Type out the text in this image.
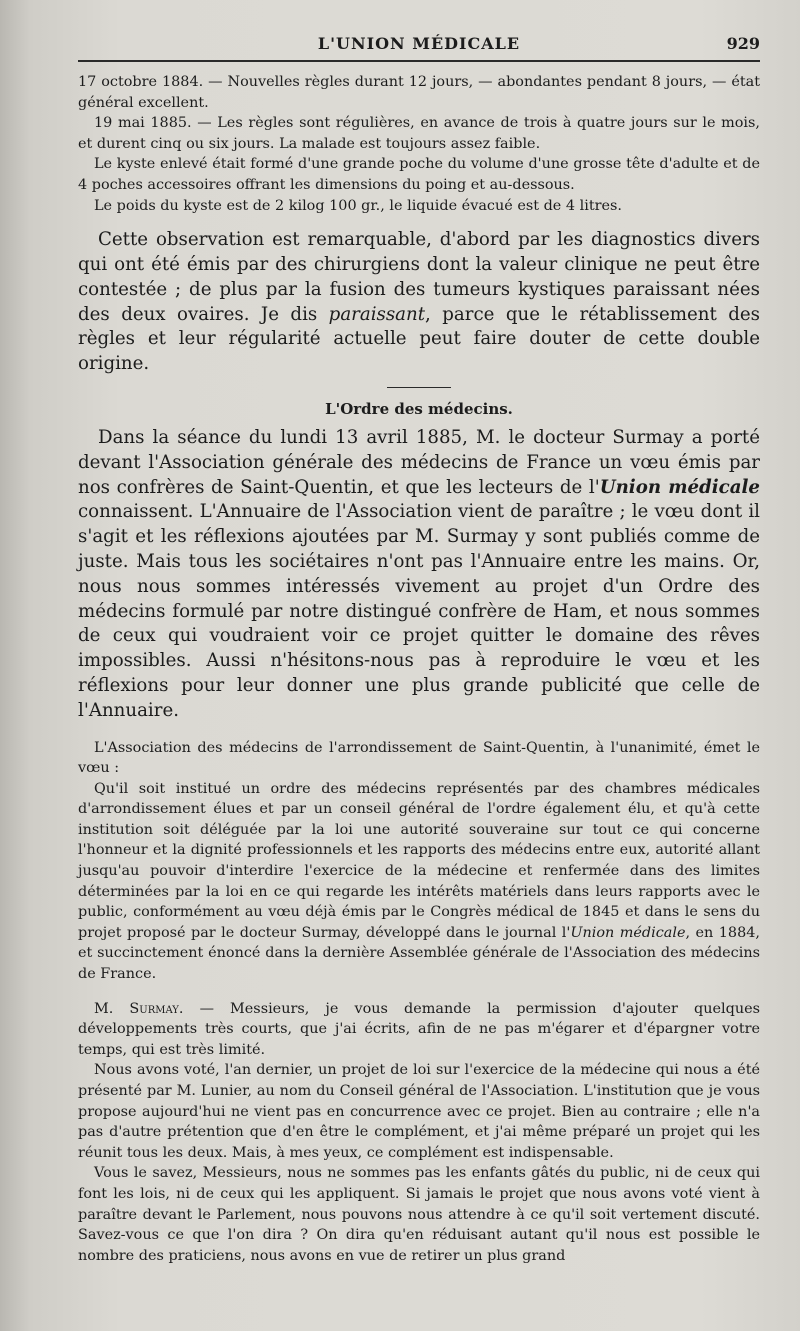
L'UNION MÉDICALE	929

17 octobre 1884. — Nouvelles règles durant 12 jours, — abondantes pendant 8 jours, — état général excellent.

19 mai 1885. — Les règles sont régulières, en avance de trois à quatre jours sur le mois, et durent cinq ou six jours. La malade est toujours assez faible.

Le kyste enlevé était formé d'une grande poche du volume d'une grosse tête d'adulte et de 4 poches accessoires offrant les dimensions du poing et au-dessous.

Le poids du kyste est de 2 kilog 100 gr., le liquide évacué est de 4 litres.

Cette observation est remarquable, d'abord par les diagnostics divers qui ont été émis par des chirurgiens dont la valeur clinique ne peut être contestée ; de plus par la fusion des tumeurs kystiques paraissant nées des deux ovaires. Je dis paraissant, parce que le rétablissement des règles et leur régularité actuelle peut faire douter de cette double origine.

L'Ordre des médecins.

Dans la séance du lundi 13 avril 1885, M. le docteur Surmay a porté devant l'Association générale des médecins de France un vœu émis par nos confrères de Saint-Quentin, et que les lecteurs de l'Union médicale connaissent. L'Annuaire de l'Association vient de paraître ; le vœu dont il s'agit et les réflexions ajoutées par M. Surmay y sont publiés comme de juste. Mais tous les sociétaires n'ont pas l'Annuaire entre les mains. Or, nous nous sommes intéressés vivement au projet d'un Ordre des médecins formulé par notre distingué confrère de Ham, et nous sommes de ceux qui voudraient voir ce projet quitter le domaine des rêves impossibles. Aussi n'hésitons-nous pas à reproduire le vœu et les réflexions pour leur donner une plus grande publicité que celle de l'Annuaire.

L'Association des médecins de l'arrondissement de Saint-Quentin, à l'unanimité, émet le vœu :

Qu'il soit institué un ordre des médecins représentés par des chambres médicales d'arrondissement élues et par un conseil général de l'ordre également élu, et qu'à cette institution soit déléguée par la loi une autorité souveraine sur tout ce qui concerne l'honneur et la dignité professionnels et les rapports des médecins entre eux, autorité allant jusqu'au pouvoir d'interdire l'exercice de la médecine et renfermée dans des limites déterminées par la loi en ce qui regarde les intérêts matériels dans leurs rapports avec le public, conformément au vœu déjà émis par le Congrès médical de 1845 et dans le sens du projet proposé par le docteur Surmay, développé dans le journal l'Union médicale, en 1884, et succinctement énoncé dans la dernière Assemblée générale de l'Association des médecins de France.

M. Surmay. — Messieurs, je vous demande la permission d'ajouter quelques développements très courts, que j'ai écrits, afin de ne pas m'égarer et d'épargner votre temps, qui est très limité.

Nous avons voté, l'an dernier, un projet de loi sur l'exercice de la médecine qui nous a été présenté par M. Lunier, au nom du Conseil général de l'Association. L'institution que je vous propose aujourd'hui ne vient pas en concurrence avec ce projet. Bien au contraire ; elle n'a pas d'autre prétention que d'en être le complément, et j'ai même préparé un projet qui les réunit tous les deux. Mais, à mes yeux, ce complément est indispensable.

Vous le savez, Messieurs, nous ne sommes pas les enfants gâtés du public, ni de ceux qui font les lois, ni de ceux qui les appliquent. Si jamais le projet que nous avons voté vient à paraître devant le Parlement, nous pouvons nous attendre à ce qu'il soit vertement discuté. Savez-vous ce que l'on dira ? On dira qu'en réduisant autant qu'il nous est possible le nombre des praticiens, nous avons en vue de retirer un plus grand
